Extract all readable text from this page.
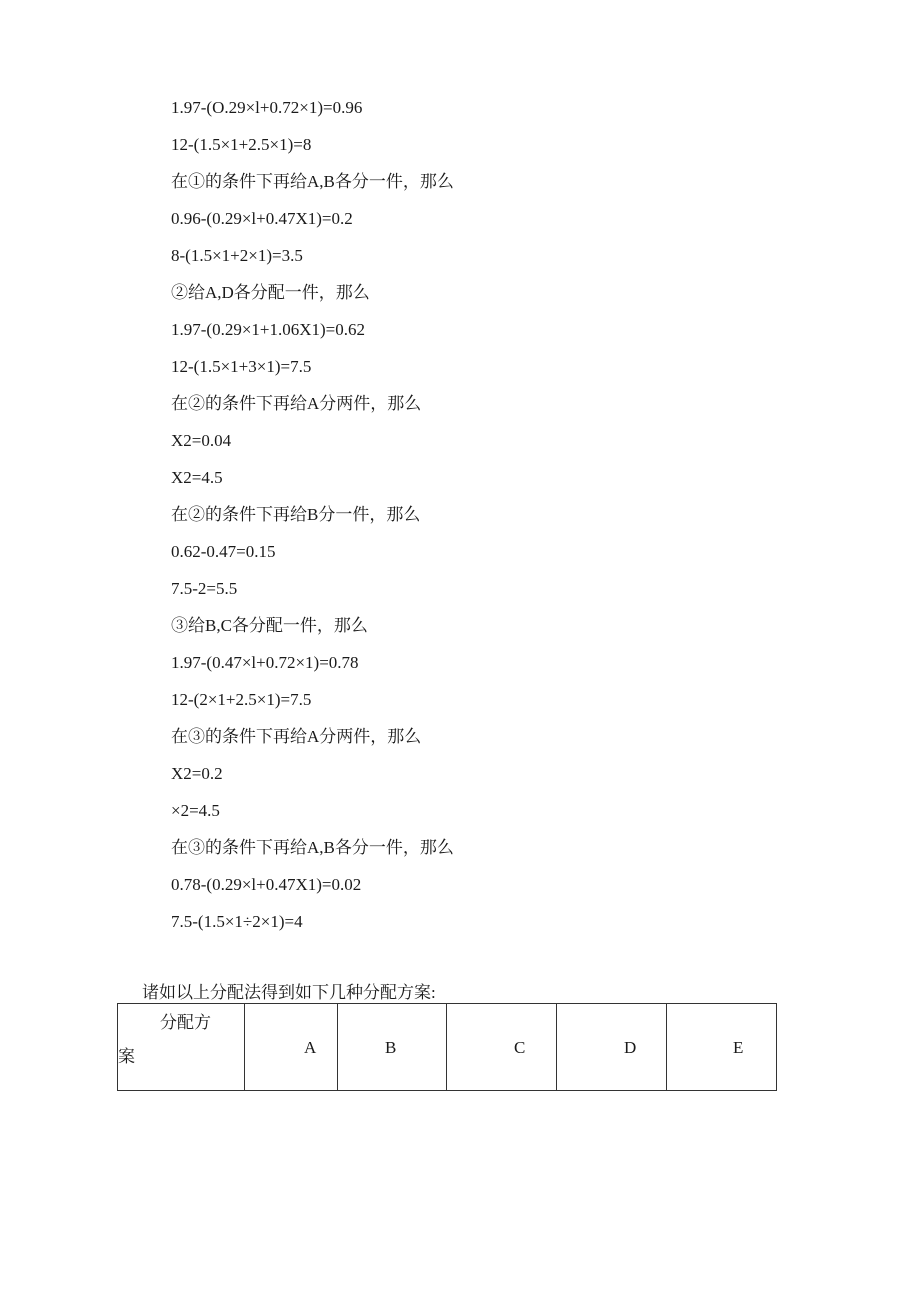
1.97-(O.29×l+0.72×1)=0.96
12-(1.5×1+2.5×1)=8
在①的条件下再给A,B各分一件，那么
0.96-(0.29×l+0.47X1)=0.2
8-(1.5×1+2×1)=3.5
②给A,D各分配一件，那么
1.97-(0.29×1+1.06X1)=0.62
12-(1.5×1+3×1)=7.5
在②的条件下再给A分两件，那么
X2=0.04
X2=4.5
在②的条件下再给B分一件，那么
0.62-0.47=0.15
7.5-2=5.5
③给B,C各分配一件，那么
1.97-(0.47×l+0.72×1)=0.78
12-(2×1+2.5×1)=7.5
在③的条件下再给A分两件，那么
X2=0.2
×2=4.5
在③的条件下再给A,B各分一件，那么
0.78-(0.29×l+0.47X1)=0.02
7.5-(1.5×1÷2×1)=4
诸如以上分配法得到如下几种分配方案:
分配方
案	A	B	C	D	E
